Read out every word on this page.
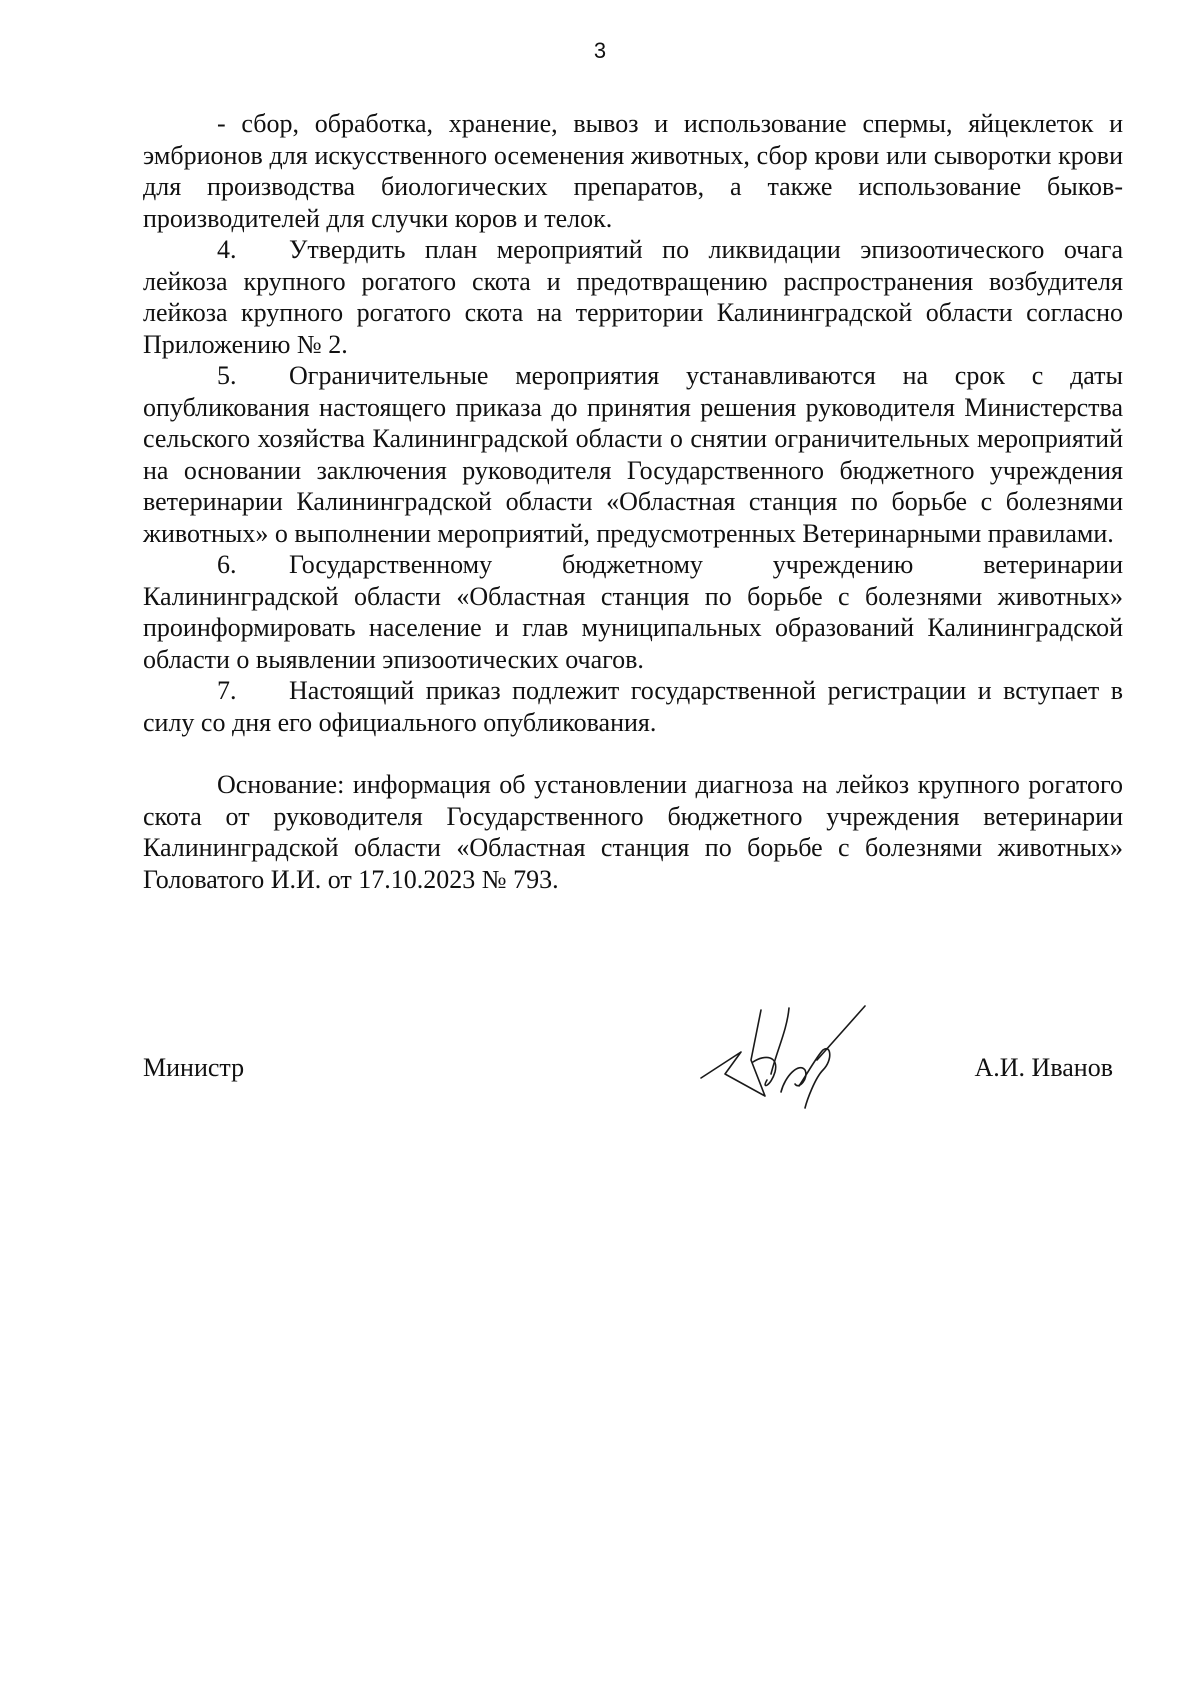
3

- сбор, обработка, хранение, вывоз и использование спермы, яйцеклеток и эмбрионов для искусственного осеменения животных, сбор крови или сыворотки крови для производства биологических препаратов, а также использование быков-производителей для случки коров и телок.

4. Утвердить план мероприятий по ликвидации эпизоотического очага лейкоза крупного рогатого скота и предотвращению распространения возбудителя лейкоза крупного рогатого скота на территории Калининградской области согласно Приложению № 2.

5. Ограничительные мероприятия устанавливаются на срок с даты опубликования настоящего приказа до принятия решения руководителя Министерства сельского хозяйства Калининградской области о снятии ограничительных мероприятий на основании заключения руководителя Государственного бюджетного учреждения ветеринарии Калининградской области «Областная станция по борьбе с болезнями животных» о выполнении мероприятий, предусмотренных Ветеринарными правилами.

6. Государственному бюджетному учреждению ветеринарии Калининградской области «Областная станция по борьбе с болезнями животных» проинформировать население и глав муниципальных образований Калининградской области о выявлении эпизоотических очагов.

7. Настоящий приказ подлежит государственной регистрации и вступает в силу со дня его официального опубликования.

Основание: информация об установлении диагноза на лейкоз крупного рогатого скота от руководителя Государственного бюджетного учреждения ветеринарии Калининградской области «Областная станция по борьбе с болезнями животных» Головатого И.И. от 17.10.2023 № 793.

Министр	А.И. Иванов
